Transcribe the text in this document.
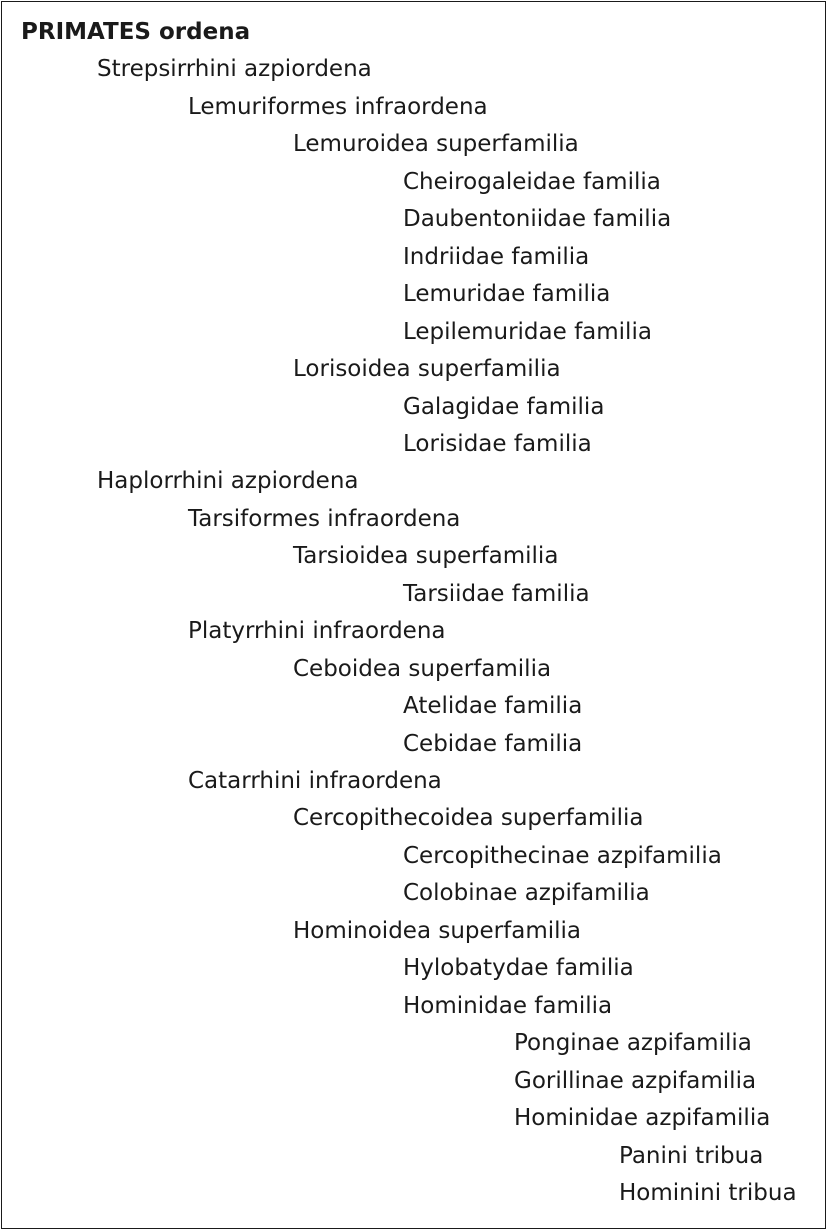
PRIMATES ordena
Strepsirrhini azpiordena
Lemuriformes infraordena
Lemuroidea superfamilia
Cheirogaleidae familia
Daubentoniidae familia
Indriidae familia
Lemuridae familia
Lepilemuridae familia
Lorisoidea superfamilia
Galagidae familia
Lorisidae familia
Haplorrhini azpiordena
Tarsiformes infraordena
Tarsioidea superfamilia
Tarsiidae familia
Platyrrhini infraordena
Ceboidea superfamilia
Atelidae familia
Cebidae familia
Catarrhini infraordena
Cercopithecoidea superfamilia
Cercopithecinae azpifamilia
Colobinae azpifamilia
Hominoidea superfamilia
Hylobatydae familia
Hominidae familia
Ponginae azpifamilia
Gorillinae azpifamilia
Hominidae azpifamilia
Panini tribua
Hominini tribua
